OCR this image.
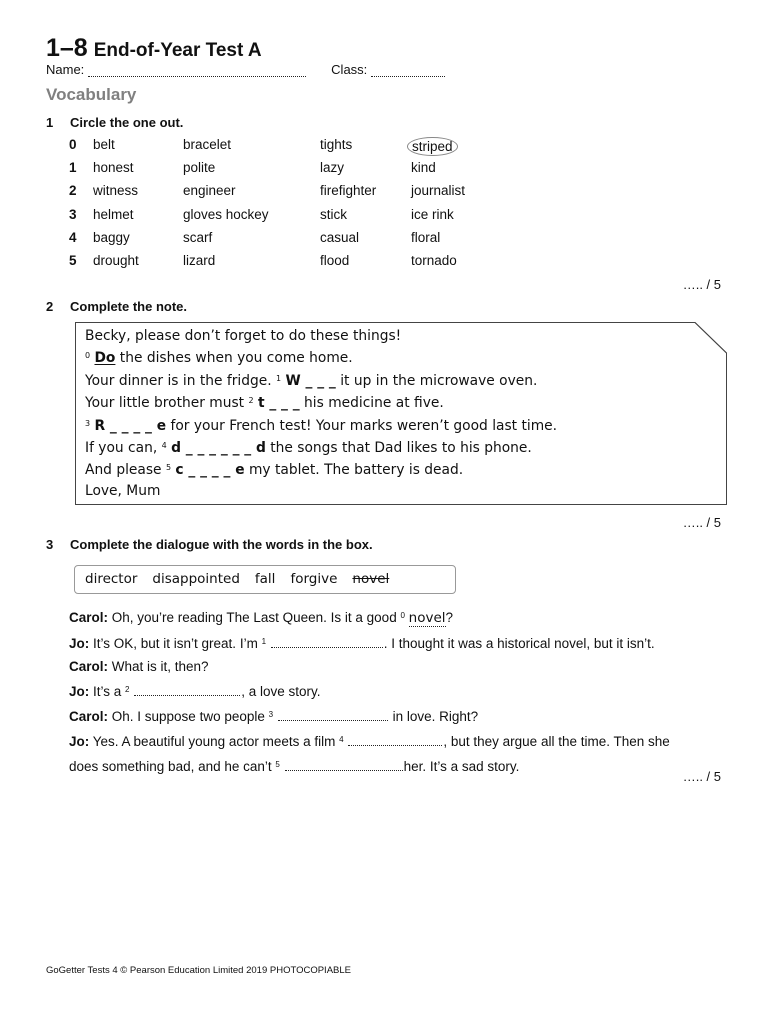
1–8 End-of-Year Test A
Name:	Class:
Vocabulary
1 Circle the one out.
0 belt	bracelet	tights	striped
1 honest	polite	lazy	kind
2 witness	engineer	firefighter	journalist
3 helmet	gloves hockey	stick	ice rink
4 baggy	scarf	casual	floral
5 drought	lizard	flood	tornado
….. / 5
2 Complete the note.
Becky, please don’t forget to do these things!
$^0$ Do the dishes when you come home.
Your dinner is in the fridge. $^1$ W _ _ _ it up in the microwave oven.
Your little brother must $^2$ t _ _ _ his medicine at five.
$^3$ R _ _ _ _ e for your French test! Your marks weren’t good last time.
If you can, $^4$ d _ _ _ _ _ _ d the songs that Dad likes to his phone.
And please $^5$ c _ _ _ _ e my tablet. The battery is dead.
Love, Mum
….. / 5
3 Complete the dialogue with the words in the box.
director disappointed fall forgive novel
Carol: Oh, you’re reading The Last Queen. Is it a good $^0$ novel?
Jo: It’s OK, but it isn’t great. I’m $^1$	. I thought it was a historical novel, but it isn’t.
Carol: What is it, then?
Jo: It’s a $^2$	, a love story.
Carol: Oh. I suppose two people $^3$	in love. Right?
Jo: Yes. A beautiful young actor meets a film $^4$	, but they argue all the time. Then she
does something bad, and he can’t $^5$	her. It’s a sad story.
….. / 5
GoGetter Tests 4 © Pearson Education Limited 2019 PHOTOCOPIABLE
